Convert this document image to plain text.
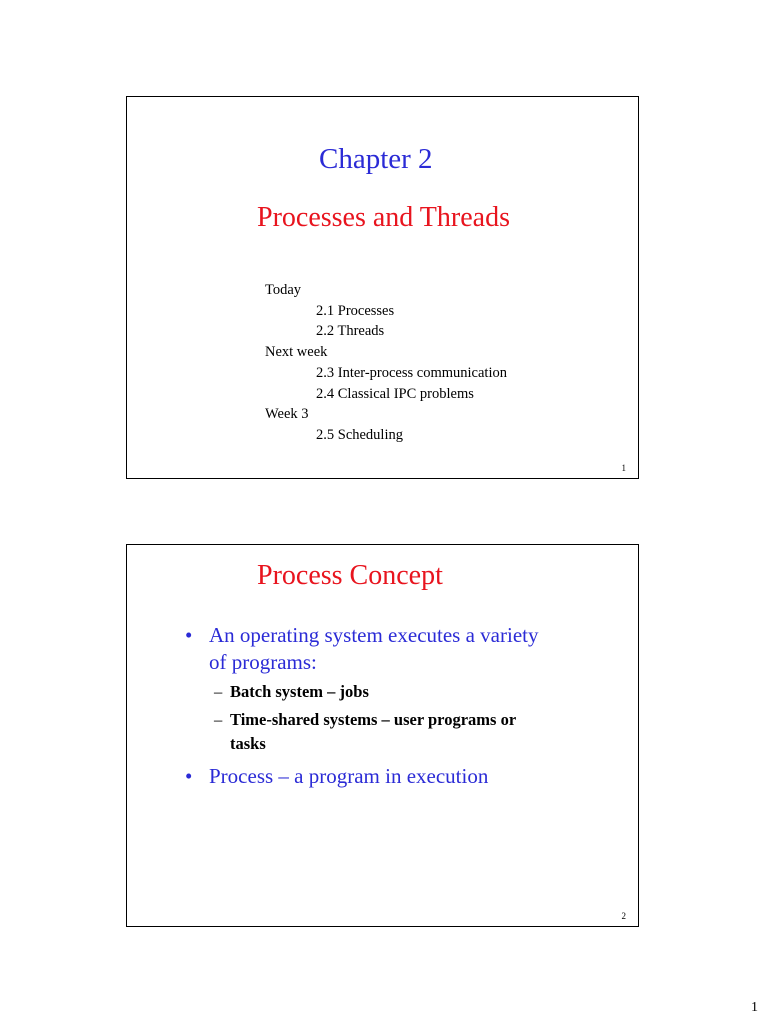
Chapter 2
Processes and Threads
Today
2.1 Processes
2.2 Threads
Next week
2.3 Inter-process communication
2.4 Classical IPC problems
Week 3
2.5 Scheduling
1
Process Concept
• An operating system executes a variety
of programs:
– Batch system – jobs
– Time-shared systems – user programs or
tasks
• Process – a program in execution
2
1
